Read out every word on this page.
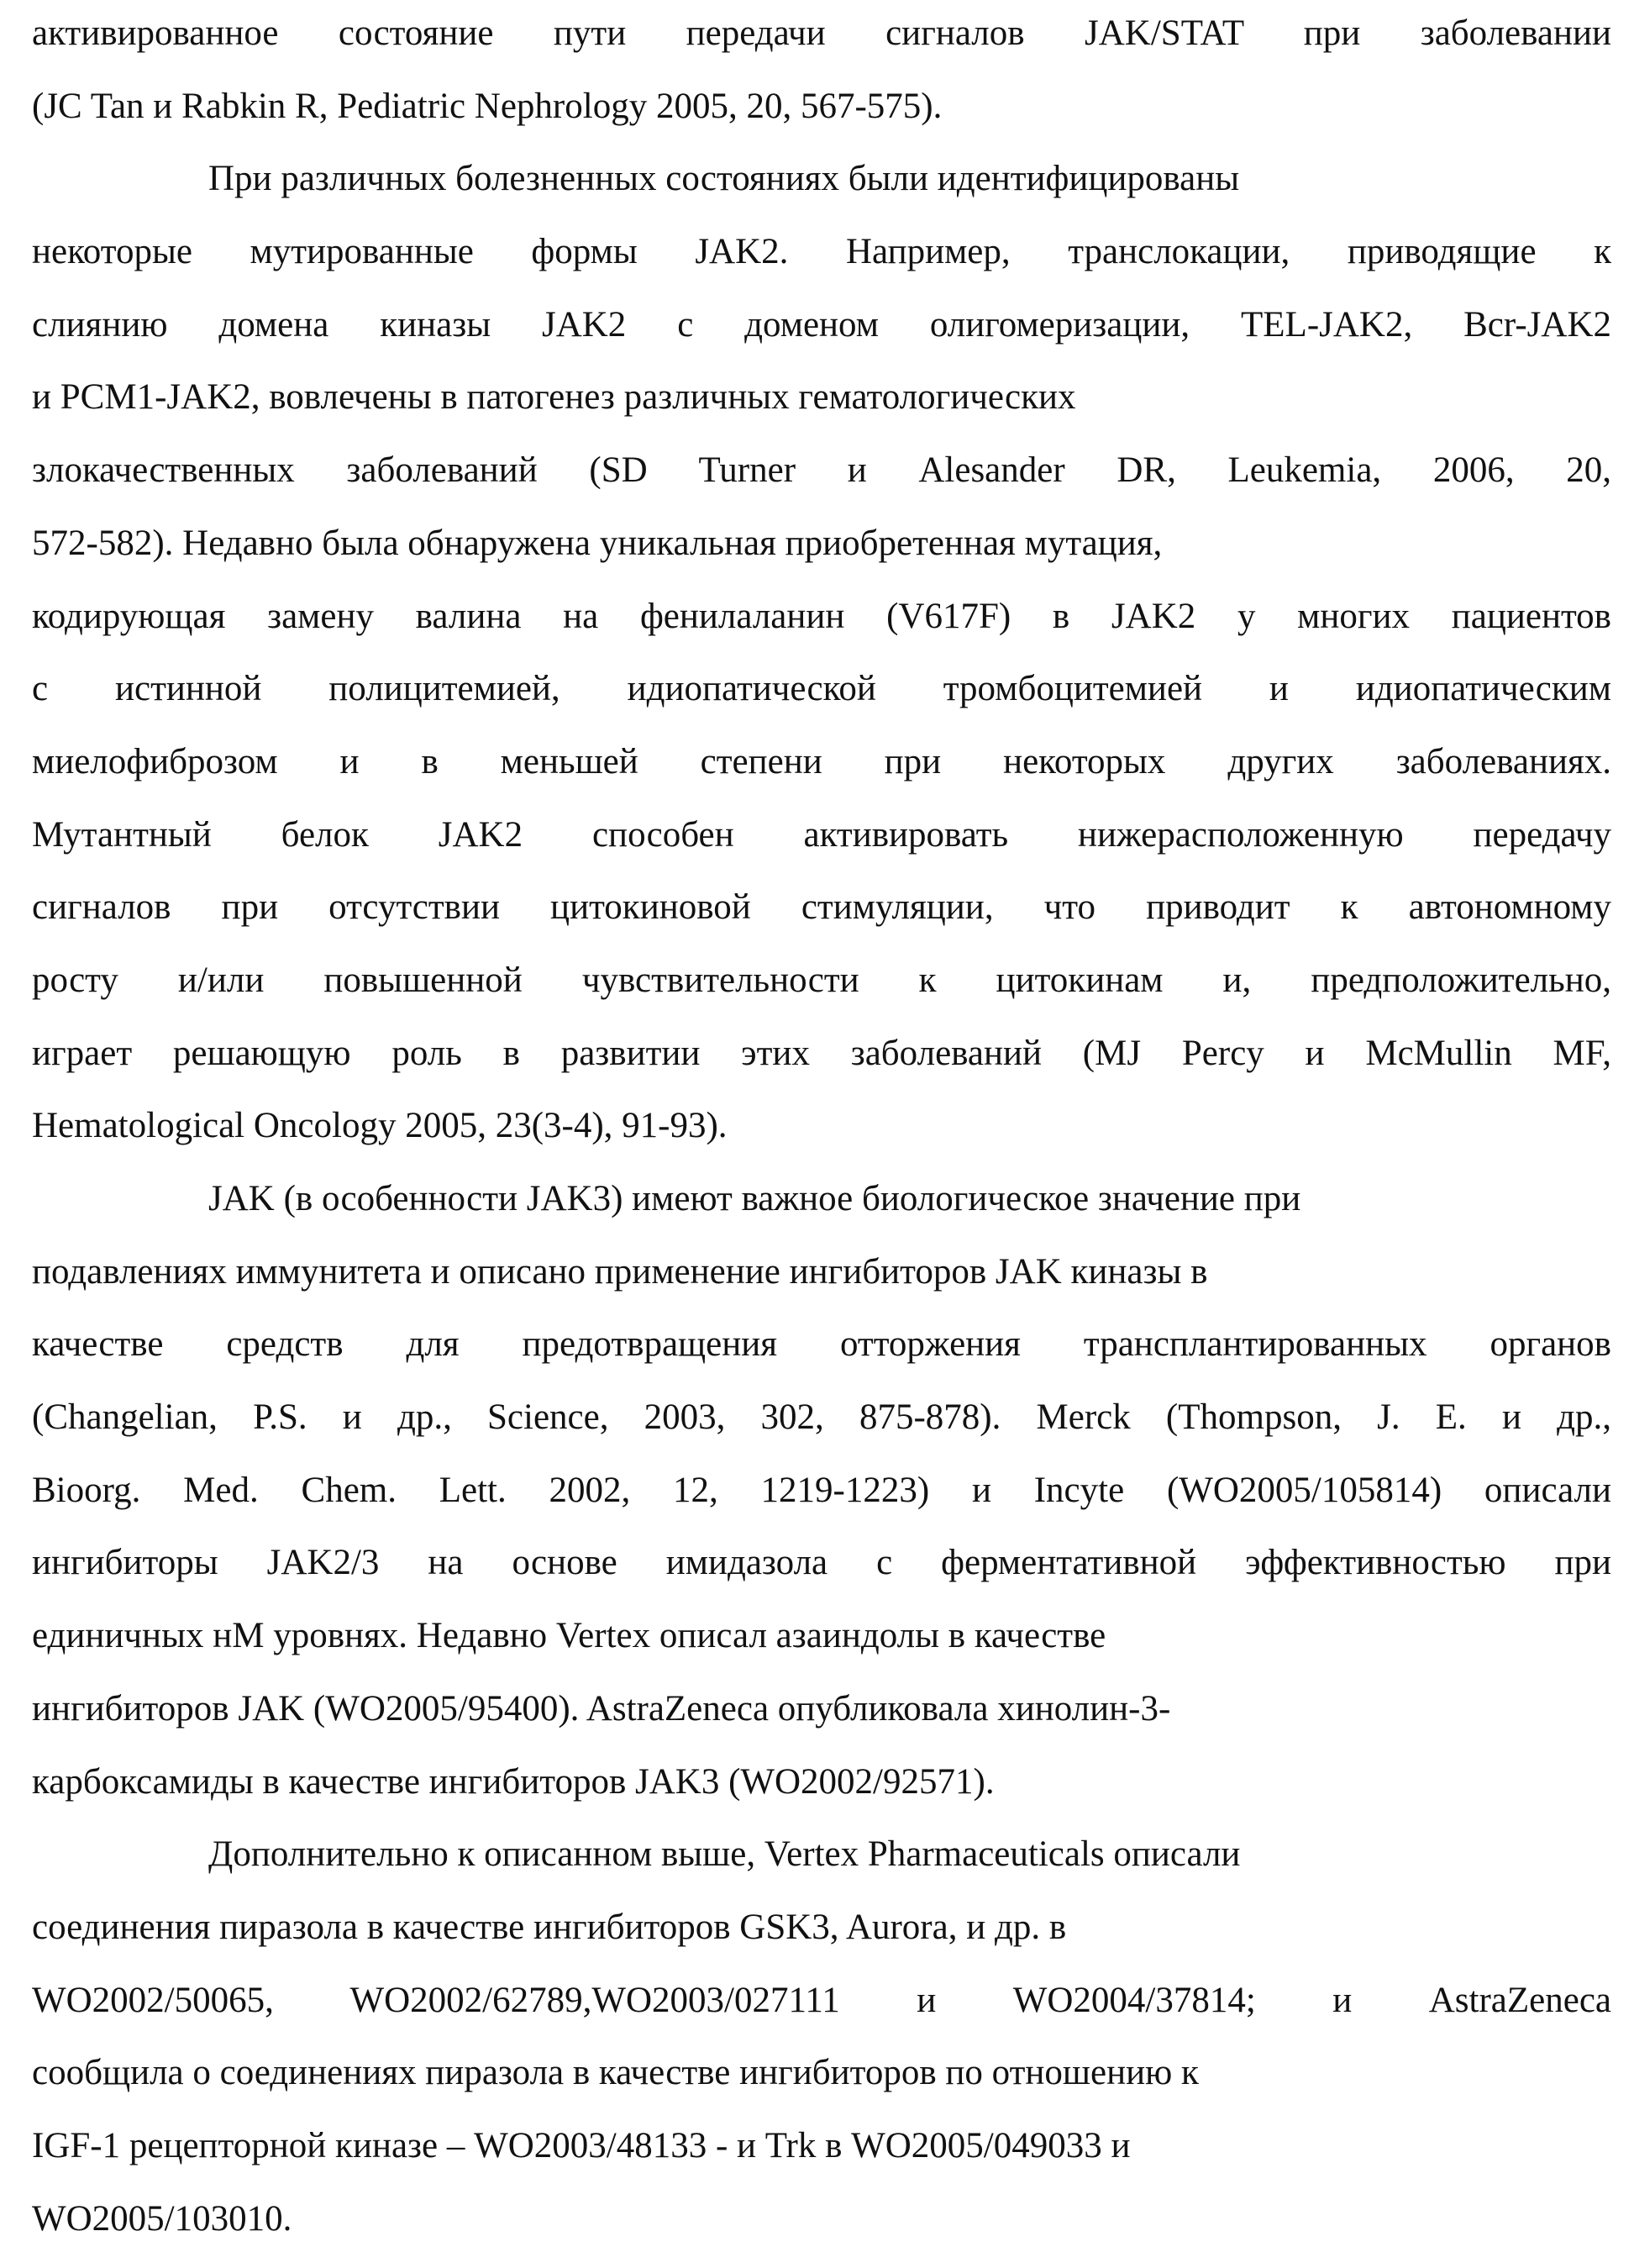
активированное состояние пути передачи сигналов JAK/STAT при заболевании
(JC Tan и Rabkin R, Pediatric Nephrology 2005, 20, 567-575).
При различных болезненных состояниях были идентифицированы
некоторые мутированные формы JAK2. Например, транслокации, приводящие к
слиянию домена киназы JAK2 с доменом олигомеризации, TEL-JAK2, Bcr-JAK2
и PCM1-JAK2, вовлечены в патогенез различных гематологических
злокачественных заболеваний (SD Turner и Alesander DR, Leukemia, 2006, 20,
572-582). Недавно была обнаружена уникальная приобретенная мутация,
кодирующая замену валина на фенилаланин (V617F) в JAK2 у многих пациентов
с истинной полицитемией, идиопатической тромбоцитемией и идиопатическим
миелофиброзом и в меньшей степени при некоторых других заболеваниях.
Мутантный белок JAK2 способен активировать нижерасположенную передачу
сигналов при отсутствии цитокиновой стимуляции, что приводит к автономному
росту и/или повышенной чувствительности к цитокинам и, предположительно,
играет решающую роль в развитии этих заболеваний (MJ Percy и McMullin MF,
Hematological Oncology 2005, 23(3-4), 91-93).
JAK (в особенности JAK3) имеют важное биологическое значение при
подавлениях иммунитета и описано применение ингибиторов JAK киназы в
качестве средств для предотвращения отторжения трансплантированных органов
(Changelian, P.S. и др., Science, 2003, 302, 875-878). Merck (Thompson, J. E. и др.,
Bioorg. Med. Chem. Lett. 2002, 12, 1219-1223) и Incyte (WO2005/105814) описали
ингибиторы JAK2/3 на основе имидазола с ферментативной эффективностью при
единичных нМ уровнях. Недавно Vertex описал азаиндолы в качестве
ингибиторов JAK (WO2005/95400). AstraZeneca опубликовала хинолин-3-
карбоксамиды в качестве ингибиторов JAK3 (WO2002/92571).
Дополнительно к описанном выше, Vertex Pharmaceuticals описали
соединения пиразола в качестве ингибиторов GSK3, Aurora, и др. в
WO2002/50065, WO2002/62789,WO2003/027111 и WO2004/37814; и AstraZeneca
сообщила о соединениях пиразола в качестве ингибиторов по отношению к
IGF-1 рецепторной киназе – WO2003/48133 - и Trk в WO2005/049033 и
WO2005/103010.
